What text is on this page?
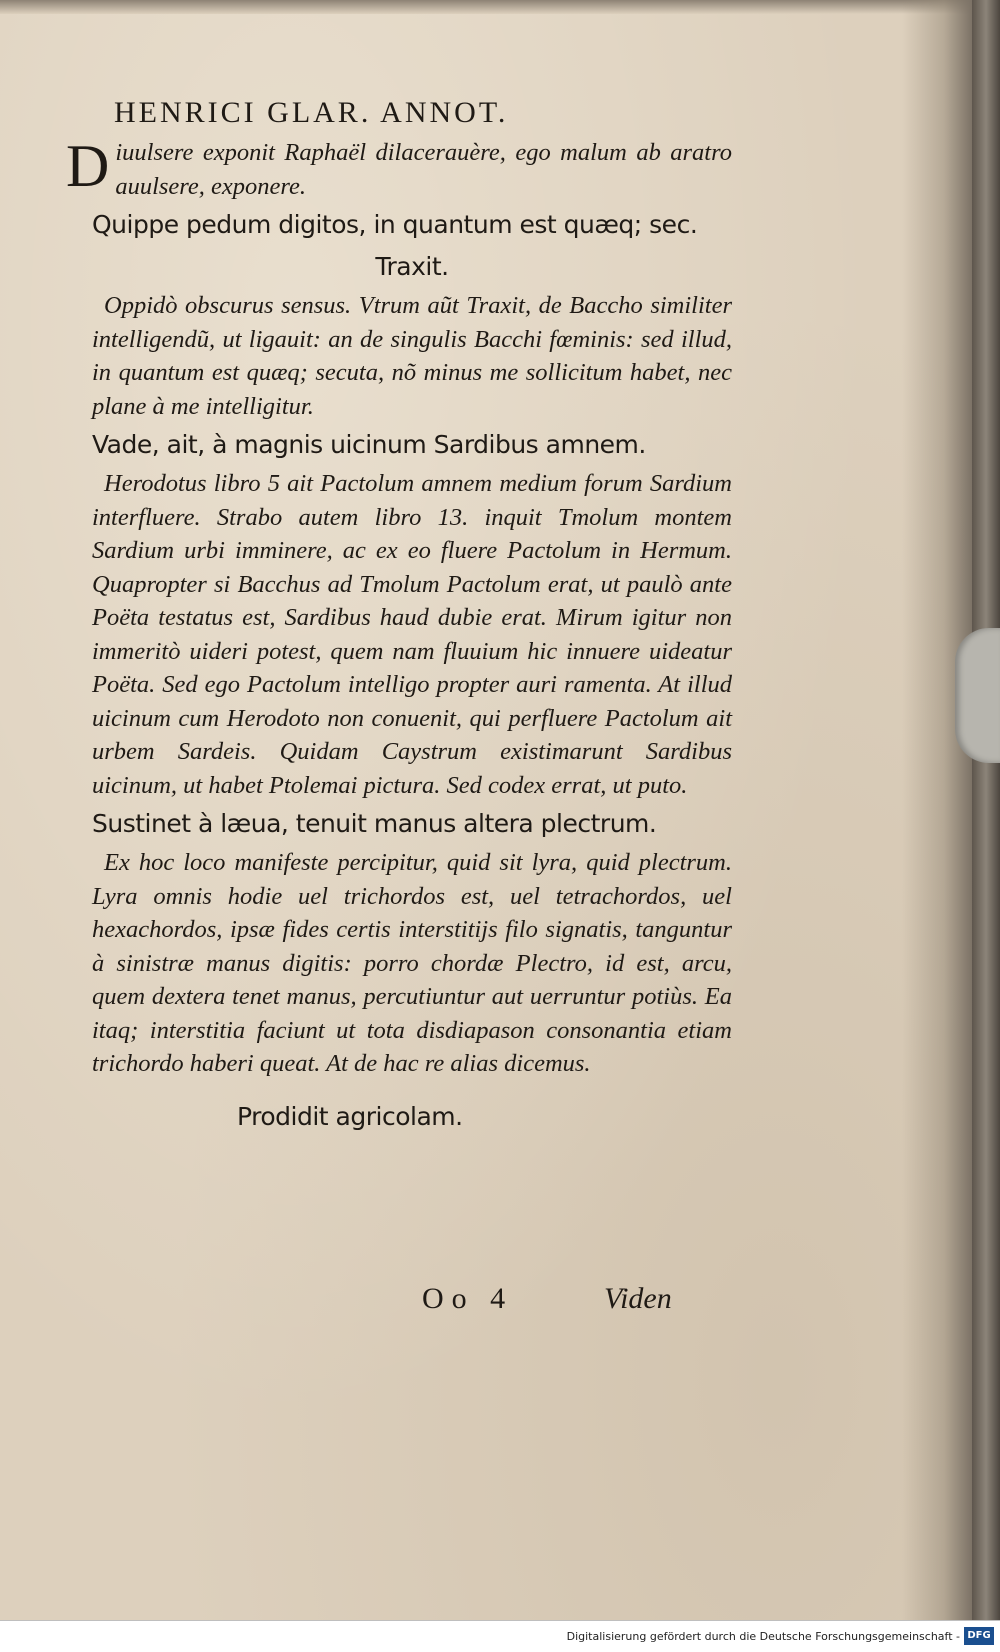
HENRICI GLAR. ANNOT.

D iuulsere exponit Raphaël dilacerauère, ego malum ab aratro auulsere, exponere.

Quippe pedum digitos, in quantum est quæq; sec.
Traxit.

Oppidò obscurus sensus. Vtrum aũt Traxit, de Baccho similiter intelligendũ, ut ligauit: an de singulis Bacchi fœminis: sed illud, in quantum est quæq; secuta, nõ minus me sollicitum habet, nec plane à me intelligitur.

Vade, ait, à magnis uicinum Sardibus amnem.

Herodotus libro 5 ait Pactolum amnem medium forum Sardium interfluere. Strabo autem libro 13. inquit Tmolum montem Sardium urbi imminere, ac ex eo fluere Pactolum in Hermum. Quapropter si Bacchus ad Tmolum Pactolum erat, ut paulò ante Poëta testatus est, Sardibus haud dubie erat. Mirum igitur non immeritò uideri potest, quem nam fluuium hic innuere uideatur Poëta. Sed ego Pactolum intelligo propter auri ramenta. At illud uicinum cum Herodoto non conuenit, qui perfluere Pactolum ait urbem Sardeis. Quidam Caystrum existimarunt Sardibus uicinum, ut habet Ptolemai pictura. Sed codex errat, ut puto.

Sustinet à læua, tenuit manus altera plectrum.

Ex hoc loco manifeste percipitur, quid sit lyra, quid plectrum. Lyra omnis hodie uel trichordos est, uel tetrachordos, uel hexachordos, ipsæ fides certis interstitijs filo signatis, tanguntur à sinistræ manus digitis: porro chordæ Plectro, id est, arcu, quem dextera tenet manus, percutiuntur aut uerruntur potiùs. Ea itaq; interstitia faciunt ut tota disdiapason consonantia etiam trichordo haberi queat. At de hac re alias dicemus.

Prodidit agricolam.
Oo 4	Viden
Digitalisierung gefördert durch die Deutsche Forschungsgemeinschaft - DFG
